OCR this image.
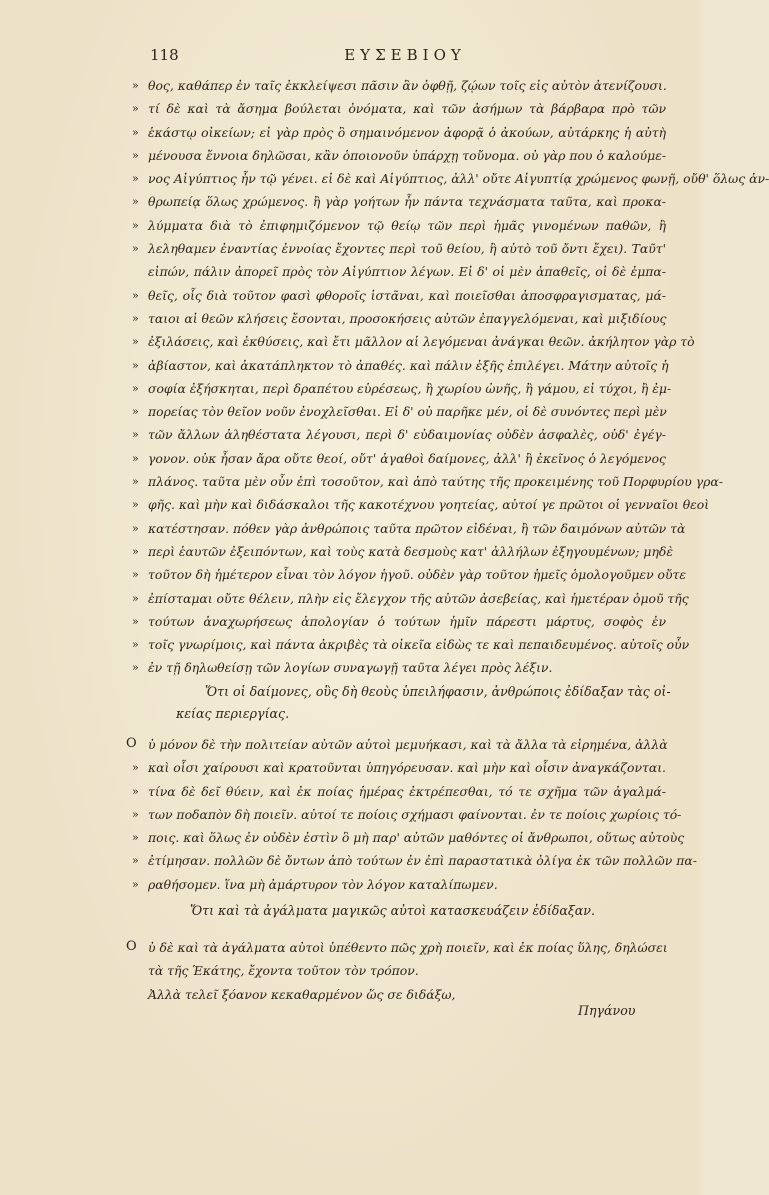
118	ΕΥΣΕΒΙΟΥ
» θος, καθάπερ ἐν ταῖς ἐκκλείψεσι πᾶσιν ἂν ὀφθῇ, ζῴων τοῖς εἰς αὐτὸν ἀτενίζουσι.
» τί δὲ καὶ τὰ ἄσημα βούλεται ὀνόματα, καὶ τῶν ἀσήμων τὰ βάρβαρα πρὸ τῶν
» ἑκάστῳ οἰκείων; εἰ γὰρ πρὸς ὃ σημαινόμενον ἀφορᾷ ὁ ἀκούων, αὐτάρκης ἡ αὐτὴ
» μένουσα ἔννοια δηλῶσαι, κἂν ὁποιονοῦν ὑπάρχῃ τοὔνομα. οὐ γὰρ που ὁ καλούμε-
» νος Αἰγύπτιος ἦν τῷ γένει. εἰ δὲ καὶ Αἰγύπτιος, ἀλλ' οὔτε Αἰγυπτίᾳ χρώμενος φωνῇ, οὔθ' ὅλως ἀν-
» θρωπείᾳ ὅλως χρώμενος. ἢ γὰρ γοήτων ἦν πάντα τεχνάσματα ταῦτα, καὶ προκα-
» λύμματα διὰ τὸ ἐπιφημιζόμενον τῷ θείῳ τῶν περὶ ἡμᾶς γινομένων παθῶν, ἢ
» λεληθαμεν ἐναντίας ἐννοίας ἔχοντες περὶ τοῦ θείου, ἢ αὐτὸ τοῦ ὄντι ἔχει). Ταῦτ'
εἰπών, πάλιν ἀπορεῖ πρὸς τὸν Αἰγύπτιον λέγων. Εἰ δ' οἱ μὲν ἀπαθεῖς, οἱ δὲ ἐμπα-
» θεῖς, οἷς διὰ τοῦτον φασὶ φθοροῖς ἱστᾶναι, καὶ ποιεῖσθαι ἀποσφραγισματας, μά-
» ταιοι αἱ θεῶν κλήσεις ἔσονται, προσοκήσεις αὐτῶν ἐπαγγελόμεναι, καὶ μιξιδίους
» ἐξιλάσεις, καὶ ἐκθύσεις, καὶ ἔτι μᾶλλον αἱ λεγόμεναι ἀνάγκαι θεῶν. ἀκήλητον γὰρ τὸ
» ἀβίαστον, καὶ ἀκατάπληκτον τὸ ἀπαθές. καὶ πάλιν ἑξῆς ἐπιλέγει. Μάτην αὐτοῖς ἡ
» σοφία ἐξήσκηται, περὶ δραπέτου εὑρέσεως, ἢ χωρίου ὠνῆς, ἢ γάμου, εἰ τύχοι, ἢ ἐμ-
» πορείας τὸν θεῖον νοῦν ἐνοχλεῖσθαι. Εἰ δ' οὐ παρῆκε μέν, οἱ δὲ συνόντες περὶ μὲν
» τῶν ἄλλων ἀληθέστατα λέγουσι, περὶ δ' εὐδαιμονίας οὐδὲν ἀσφαλὲς, οὐδ' ἐγέγ-
» γονον. οὐκ ἦσαν ἄρα οὔτε θεοί, οὔτ' ἀγαθοὶ δαίμονες, ἀλλ' ἢ ἐκεῖνος ὁ λεγόμενος
» πλάνος. ταῦτα μὲν οὖν ἐπὶ τοσοῦτον, καὶ ἀπὸ ταύτης τῆς προκειμένης τοῦ Πορφυρίου γρα-
» φῆς. καὶ μὴν καὶ διδάσκαλοι τῆς κακοτέχνου γοητείας, αὐτοί γε πρῶτοι οἱ γενναῖοι θεοὶ
» κατέστησαν. πόθεν γὰρ ἀνθρώποις ταῦτα πρῶτον εἰδέναι, ἢ τῶν δαιμόνων αὐτῶν τὰ
» περὶ ἑαυτῶν ἐξειπόντων, καὶ τοὺς κατὰ δεσμοὺς κατ' ἀλλήλων ἐξηγουμένων; μηδὲ
» τοῦτον δὴ ἡμέτερον εἶναι τὸν λόγον ἡγοῦ. οὐδὲν γὰρ τοῦτον ἡμεῖς ὁμολογοῦμεν οὔτε
» ἐπίσταμαι οὔτε θέλειν, πλὴν εἰς ἔλεγχον τῆς αὐτῶν ἀσεβείας, καὶ ἡμετέραν ὁμοῦ τῆς
» τούτων ἀναχωρήσεως ἀπολογίαν ὁ τούτων ἡμῖν πάρεστι μάρτυς, σοφὸς ἐν
» τοῖς γνωρίμοις, καὶ πάντα ἀκριβὲς τὰ οἰκεῖα εἰδὼς τε καὶ πεπαιδευμένος. αὐτοῖς οὖν
» ἐν τῇ δηλωθείσῃ τῶν λογίων συναγωγῇ ταῦτα λέγει πρὸς λέξιν.
Ὅτι οἱ δαίμονες, οὓς δὴ θεοὺς ὑπειλήφασιν, ἀνθρώποις ἐδίδαξαν τὰς οἰ-
κείας περιεργίας.
Ο ὐ μόνον δὲ τὴν πολιτείαν αὐτῶν αὐτοὶ μεμυήκασι, καὶ τὰ ἄλλα τὰ εἰρημένα, ἀλλὰ
» καὶ οἷσι χαίρουσι καὶ κρατοῦνται ὑπηγόρευσαν. καὶ μὴν καὶ οἷσιν ἀναγκάζονται.
» τίνα δὲ δεῖ θύειν, καὶ ἐκ ποίας ἡμέρας ἐκτρέπεσθαι, τό τε σχῆμα τῶν ἀγαλμά-
» των ποδαπὸν δὴ ποιεῖν. αὐτοί τε ποίοις σχήμασι φαίνονται. ἐν τε ποίοις χωρίοις τό-
» ποις. καὶ ὅλως ἐν οὐδὲν ἐστὶν ὃ μὴ παρ' αὐτῶν μαθόντες οἱ ἄνθρωποι, οὕτως αὐτοὺς
» ἐτίμησαν. πολλῶν δὲ ὄντων ἀπὸ τούτων ἐν ἐπὶ παραστατικὰ ὀλίγα ἐκ τῶν πολλῶν πα-
» ραθήσομεν. ἵνα μὴ ἀμάρτυρον τὸν λόγον καταλίπωμεν.
Ὅτι καὶ τὰ ἀγάλματα μαγικῶς αὐτοὶ κατασκευάζειν ἐδίδαξαν.
Ο ὐ δὲ καὶ τὰ ἀγάλματα αὐτοὶ ὑπέθεντο πῶς χρὴ ποιεῖν, καὶ ἐκ ποίας ὕλης, δηλώσει
τὰ τῆς Ἑκάτης, ἔχοντα τοῦτον τὸν τρόπον.
Ἀλλὰ τελεῖ ξόανον κεκαθαρμένον ὥς σε διδάξω,
Πηγάνου
